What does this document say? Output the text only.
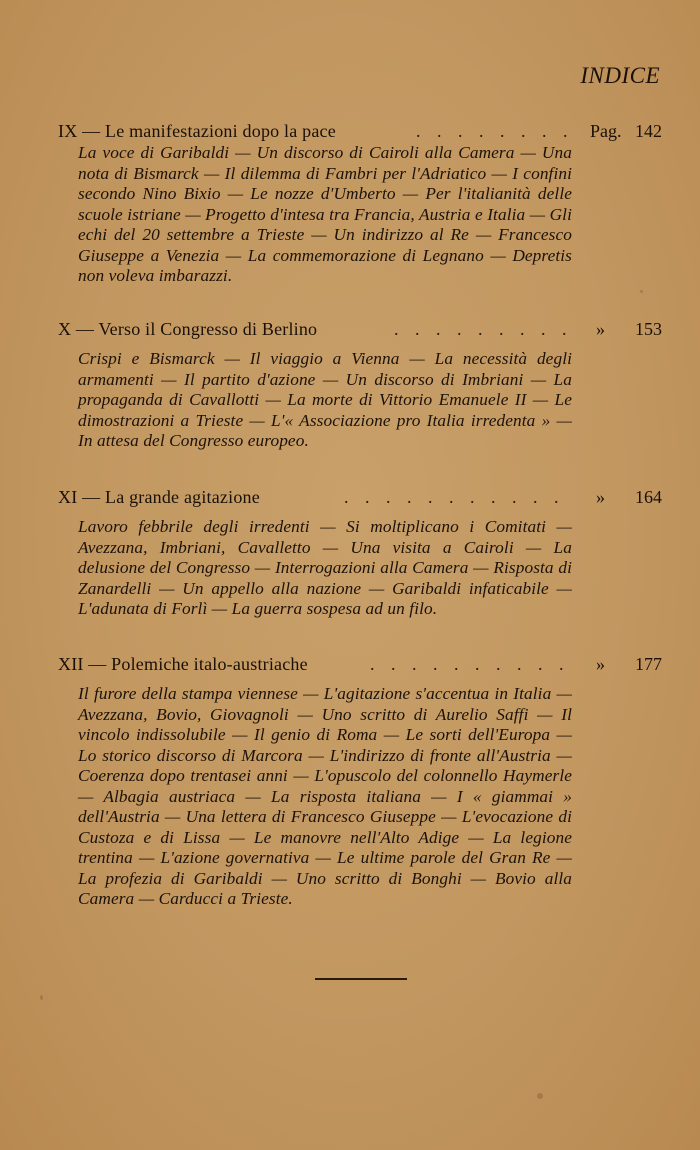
INDICE
IX — Le manifestazioni dopo la pace	. . . . . . . . Pag. 142
La voce di Garibaldi — Un discorso di Cairoli alla Camera — Una nota di Bismarck — Il dilemma di Fambri per l'Adriatico — I confini secondo Nino Bixio — Le nozze d'Umberto — Per l'italianità delle scuole istriane — Progetto d'intesa tra Francia, Austria e Italia — Gli echi del 20 settembre a Trieste — Un indirizzo al Re — Francesco Giuseppe a Venezia — La commemorazione di Legnano — Depretis non voleva imbarazzi.
X — Verso il Congresso di Berlino	. . . . . . . . . » 153
Crispi e Bismarck — Il viaggio a Vienna — La necessità degli armamenti — Il partito d'azione — Un discorso di Imbriani — La propaganda di Cavallotti — La morte di Vittorio Emanuele II — Le dimostrazioni a Trieste — L'« Associazione pro Italia irredenta » — In attesa del Congresso europeo.
XI — La grande agitazione	. . . . . . . . . . . » 164
Lavoro febbrile degli irredenti — Si moltiplicano i Comitati — Avezzana, Imbriani, Cavalletto — Una visita a Cairoli — La delusione del Congresso — Interrogazioni alla Camera — Risposta di Zanardelli — Un appello alla nazione — Garibaldi infaticabile — L'adunata di Forlì — La guerra sospesa ad un filo.
XII — Polemiche italo-austriache	. . . . . . . . . . » 177
Il furore della stampa viennese — L'agitazione s'accentua in Italia — Avezzana, Bovio, Giovagnoli — Uno scritto di Aurelio Saffi — Il vincolo indissolubile — Il genio di Roma — Le sorti dell'Europa — Lo storico discorso di Marcora — L'indirizzo di fronte all'Austria — Coerenza dopo trentasei anni — L'opuscolo del colonnello Haymerle — Albagia austriaca — La risposta italiana — I « giammai » dell'Austria — Una lettera di Francesco Giuseppe — L'evocazione di Custoza e di Lissa — Le manovre nell'Alto Adige — La legione trentina — L'azione governativa — Le ultime parole del Gran Re — La profezia di Garibaldi — Uno scritto di Bonghi — Bovio alla Camera — Carducci a Trieste.
